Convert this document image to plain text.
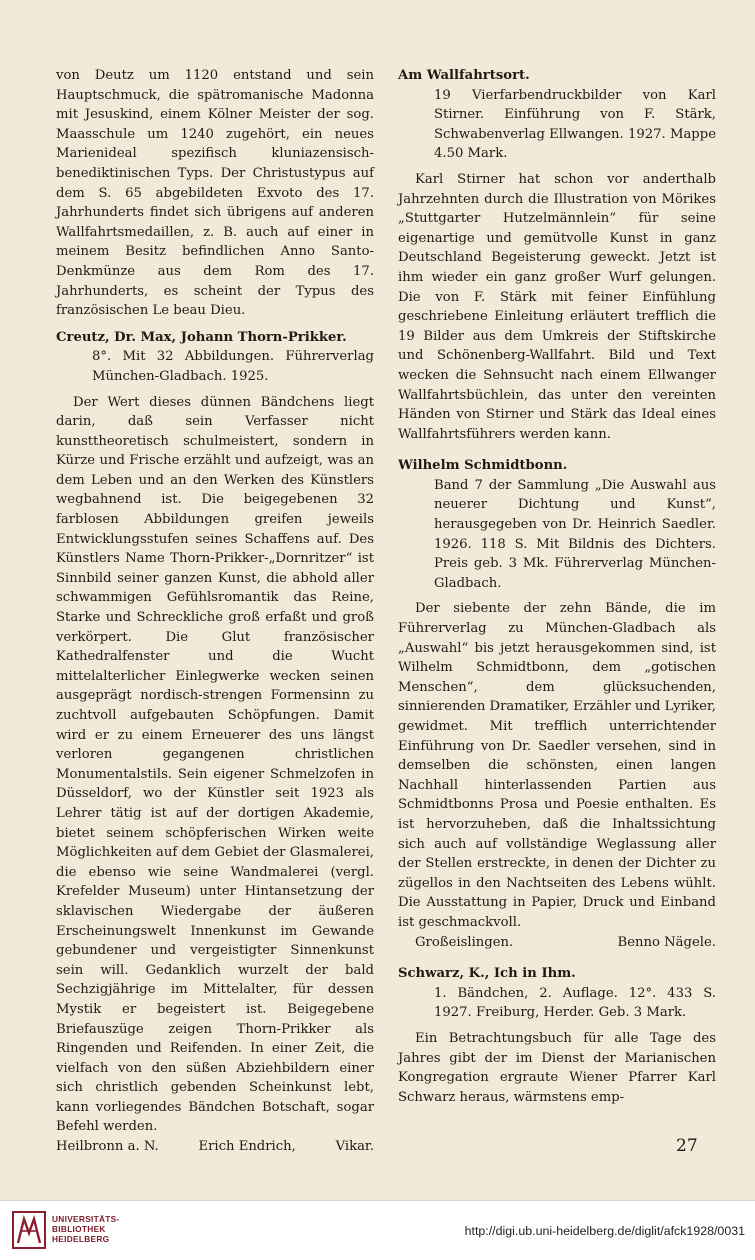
von Deutz um 1120 entstand und sein Hauptschmuck, die spätromanische Madonna mit Jesuskind, einem Kölner Meister der sog. Maasschule um 1240 zugehört, ein neues Marienideal spezifisch kluniazensisch-benediktinischen Typs. Der Christustypus auf dem S. 65 abgebildeten Exvoto des 17. Jahrhunderts findet sich übrigens auf anderen Wallfahrtsmedaillen, z. B. auch auf einer in meinem Besitz befindlichen Anno Santo-Denkmünze aus dem Rom des 17. Jahrhunderts, es scheint der Typus des französischen Le beau Dieu.

Creutz, Dr. Max, Johann Thorn-Prikker.
8°. Mit 32 Abbildungen. Führerverlag München-Gladbach. 1925.

Der Wert dieses dünnen Bändchens liegt darin, daß sein Verfasser nicht kunsttheoretisch schulmeistert, sondern in Kürze und Frische erzählt und aufzeigt, was an dem Leben und an den Werken des Künstlers wegbahnend ist. Die beigegebenen 32 farblosen Abbildungen greifen jeweils Entwicklungsstufen seines Schaffens auf. Des Künstlers Name Thorn-Prikker-„Dornritzer“ ist Sinnbild seiner ganzen Kunst, die abhold aller schwammigen Gefühlsromantik das Reine, Starke und Schreckliche groß erfaßt und groß verkörpert. Die Glut französischer Kathedralfenster und die Wucht mittelalterlicher Einlegwerke wecken seinen ausgeprägt nordisch-strengen Formensinn zu zuchtvoll aufgebauten Schöpfungen. Damit wird er zu einem Erneuerer des uns längst verloren gegangenen christlichen Monumentalstils. Sein eigener Schmelzofen in Düsseldorf, wo der Künstler seit 1923 als Lehrer tätig ist auf der dortigen Akademie, bietet seinem schöpferischen Wirken weite Möglichkeiten auf dem Gebiet der Glasmalerei, die ebenso wie seine Wandmalerei (vergl. Krefelder Museum) unter Hintansetzung der sklavischen Wiedergabe der äußeren Erscheinungswelt Innenkunst im Gewande gebundener und vergeistigter Sinnenkunst sein will. Gedanklich wurzelt der bald Sechzigjährige im Mittelalter, für dessen Mystik er begeistert ist. Beigegebene Briefauszüge zeigen Thorn-Prikker als Ringenden und Reifenden. In einer Zeit, die vielfach von den süßen Abziehbildern einer sich christlich gebenden Scheinkunst lebt, kann vorliegendes Bändchen Botschaft, sogar Befehl werden.

Heilbronn a. N.	Erich Endrich,	Vikar.
Am Wallfahrtsort.
19 Vierfarbendruckbilder von Karl Stirner. Einführung von F. Stärk, Schwabenverlag Ellwangen. 1927. Mappe 4.50 Mark.

Karl Stirner hat schon vor anderthalb Jahrzehnten durch die Illustration von Mörikes „Stuttgarter Hutzelmännlein“ für seine eigenartige und gemütvolle Kunst in ganz Deutschland Begeisterung geweckt. Jetzt ist ihm wieder ein ganz großer Wurf gelungen. Die von F. Stärk mit feiner Einfühlung geschriebene Einleitung erläutert trefflich die 19 Bilder aus dem Umkreis der Stiftskirche und Schönenberg-Wallfahrt. Bild und Text wecken die Sehnsucht nach einem Ellwanger Wallfahrtsbüchlein, das unter den vereinten Händen von Stirner und Stärk das Ideal eines Wallfahrtsführers werden kann.

Wilhelm Schmidtbonn.
Band 7 der Sammlung „Die Auswahl aus neuerer Dichtung und Kunst“, herausgegeben von Dr. Heinrich Saedler. 1926. 118 S. Mit Bildnis des Dichters. Preis geb. 3 Mk. Führerverlag München-Gladbach.

Der siebente der zehn Bände, die im Führerverlag zu München-Gladbach als „Auswahl“ bis jetzt herausgekommen sind, ist Wilhelm Schmidtbonn, dem „gotischen Menschen“, dem glücksuchenden, sinnierenden Dramatiker, Erzähler und Lyriker, gewidmet. Mit trefflich unterrichtender Einführung von Dr. Saedler versehen, sind in demselben die schönsten, einen langen Nachhall hinterlassenden Partien aus Schmidtbonns Prosa und Poesie enthalten. Es ist hervorzuheben, daß die Inhaltssichtung sich auch auf vollständige Weglassung aller der Stellen erstreckte, in denen der Dichter zu zügellos in den Nachtseiten des Lebens wühlt. Die Ausstattung in Papier, Druck und Einband ist geschmackvoll.

Großeislingen.	Benno Nägele.
Schwarz, K., Ich in Ihm.
1. Bändchen, 2. Auflage. 12°. 433 S. 1927. Freiburg, Herder. Geb. 3 Mark.

Ein Betrachtungsbuch für alle Tage des Jahres gibt der im Dienst der Marianischen Kongregation ergraute Wiener Pfarrer Karl Schwarz heraus, wärmstens emp-

27
UNIVERSITÄTS-
BIBLIOTHEK
HEIDELBERG
http://digi.ub.uni-heidelberg.de/diglit/afck1928/0031
